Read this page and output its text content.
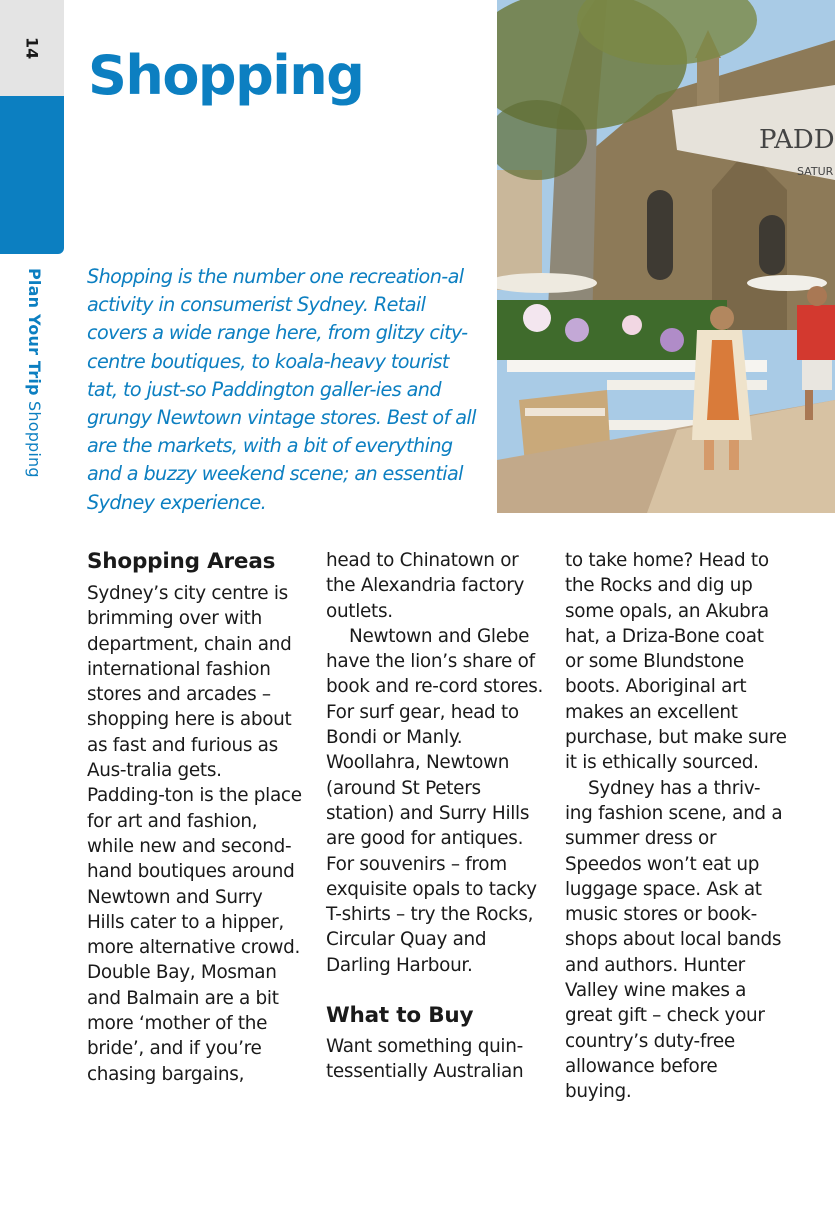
14
Plan Your Trip Shopping
Shopping

Shopping is the number one recreation-al activity in consumerist Sydney. Retail covers a wide range here, from glitzy city-centre boutiques, to koala-heavy tourist tat, to just-so Paddington galler-ies and grungy Newtown vintage stores. Best of all are the markets, with a bit of everything and a buzzy weekend scene; an essential Sydney experience.

PADD
SATUR
Shopping Areas

Sydney’s city centre is brimming over with department, chain and international fashion stores and arcades – shopping here is about as fast and furious as Aus-tralia gets. Padding-ton is the place for art and fashion, while new and second-hand boutiques around Newtown and Surry Hills cater to a hipper, more alternative crowd. Double Bay, Mosman and Balmain are a bit more ‘mother of the bride’, and if you’re chasing bargains,

head to Chinatown or the Alexandria factory outlets.

Newtown and Glebe have the lion’s share of book and re-cord stores. For surf gear, head to Bondi or Manly. Woollahra, Newtown (around St Peters station) and Surry Hills are good for antiques. For souvenirs – from exquisite opals to tacky T-shirts – try the Rocks, Circular Quay and Darling Harbour.

What to Buy

Want something quin-tessentially Australian

to take home? Head to the Rocks and dig up some opals, an Akubra hat, a Driza-Bone coat or some Blundstone boots. Aboriginal art makes an excellent purchase, but make sure it is ethically sourced.

Sydney has a thriv-ing fashion scene, and a summer dress or Speedos won’t eat up luggage space. Ask at music stores or book-shops about local bands and authors. Hunter Valley wine makes a great gift – check your country’s duty-free allowance before buying.
